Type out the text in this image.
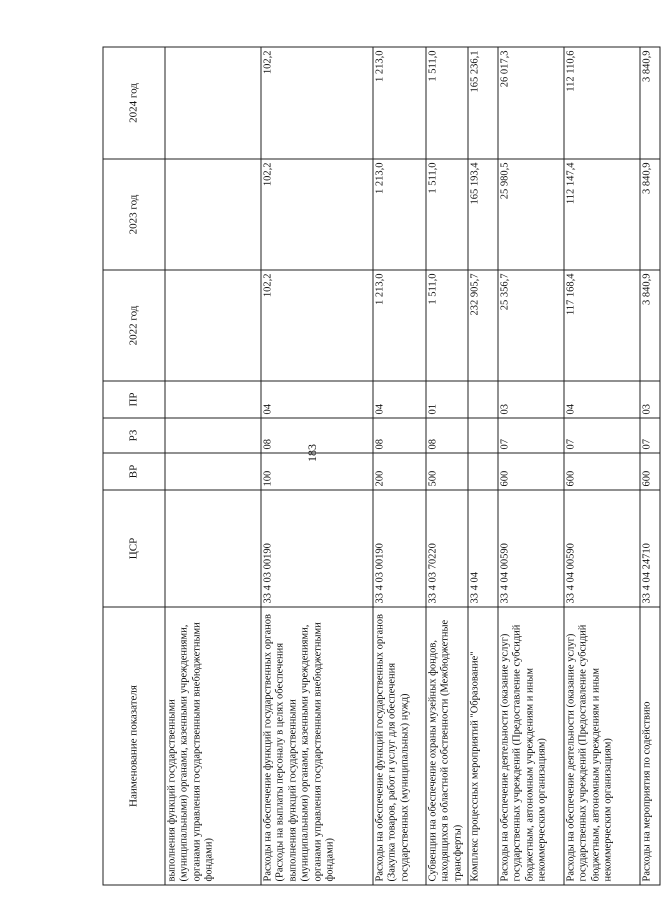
183
Наименование показателя	ЦСР	ВР	РЗ	ПР	2022 год	2023 год	2024 год
выполнения функций государственными (муниципальными) органами, казенными учреждениями, органами управления государственными внебюджетными фондами)							
Расходы на обеспечение функций государственных органов (Расходы на выплаты персоналу в целях обеспечения выполнения функций государственными (муниципальными) органами, казенными учреждениями, органами управления государственными внебюджетными фондами)	33 4 03 00190	100	08	04	102,2	102,2	102,2
Расходы на обеспечение функций государственных органов (Закупка товаров, работ и услуг для обеспечения государственных (муниципальных) нужд)	33 4 03 00190	200	08	04	1 213,0	1 213,0	1 213,0
Субвенции на обеспечение охраны музейных фондов, находящихся в областной собственности (Межбюджетные трансферты)	33 4 03 70220	500	08	01	1 511,0	1 511,0	1 511,0
Комплекс процессных мероприятий "Образование"	33 4 04				232 905,7	165 193,4	165 236,1
Расходы на обеспечение деятельности (оказание услуг) государственных учреждений (Предоставление субсидий бюджетным, автономным учреждениям и иным некоммерческим организациям)	33 4 04 00590	600	07	03	25 356,7	25 980,5	26 017,3
Расходы на обеспечение деятельности (оказание услуг) государственных учреждений (Предоставление субсидий бюджетным, автономным учреждениям и иным некоммерческим организациям)	33 4 04 00590	600	07	04	117 168,4	112 147,4	112 110,6
Расходы на мероприятия по содействию	33 4 04 24710	600	07	03	3 840,9	3 840,9	3 840,9
